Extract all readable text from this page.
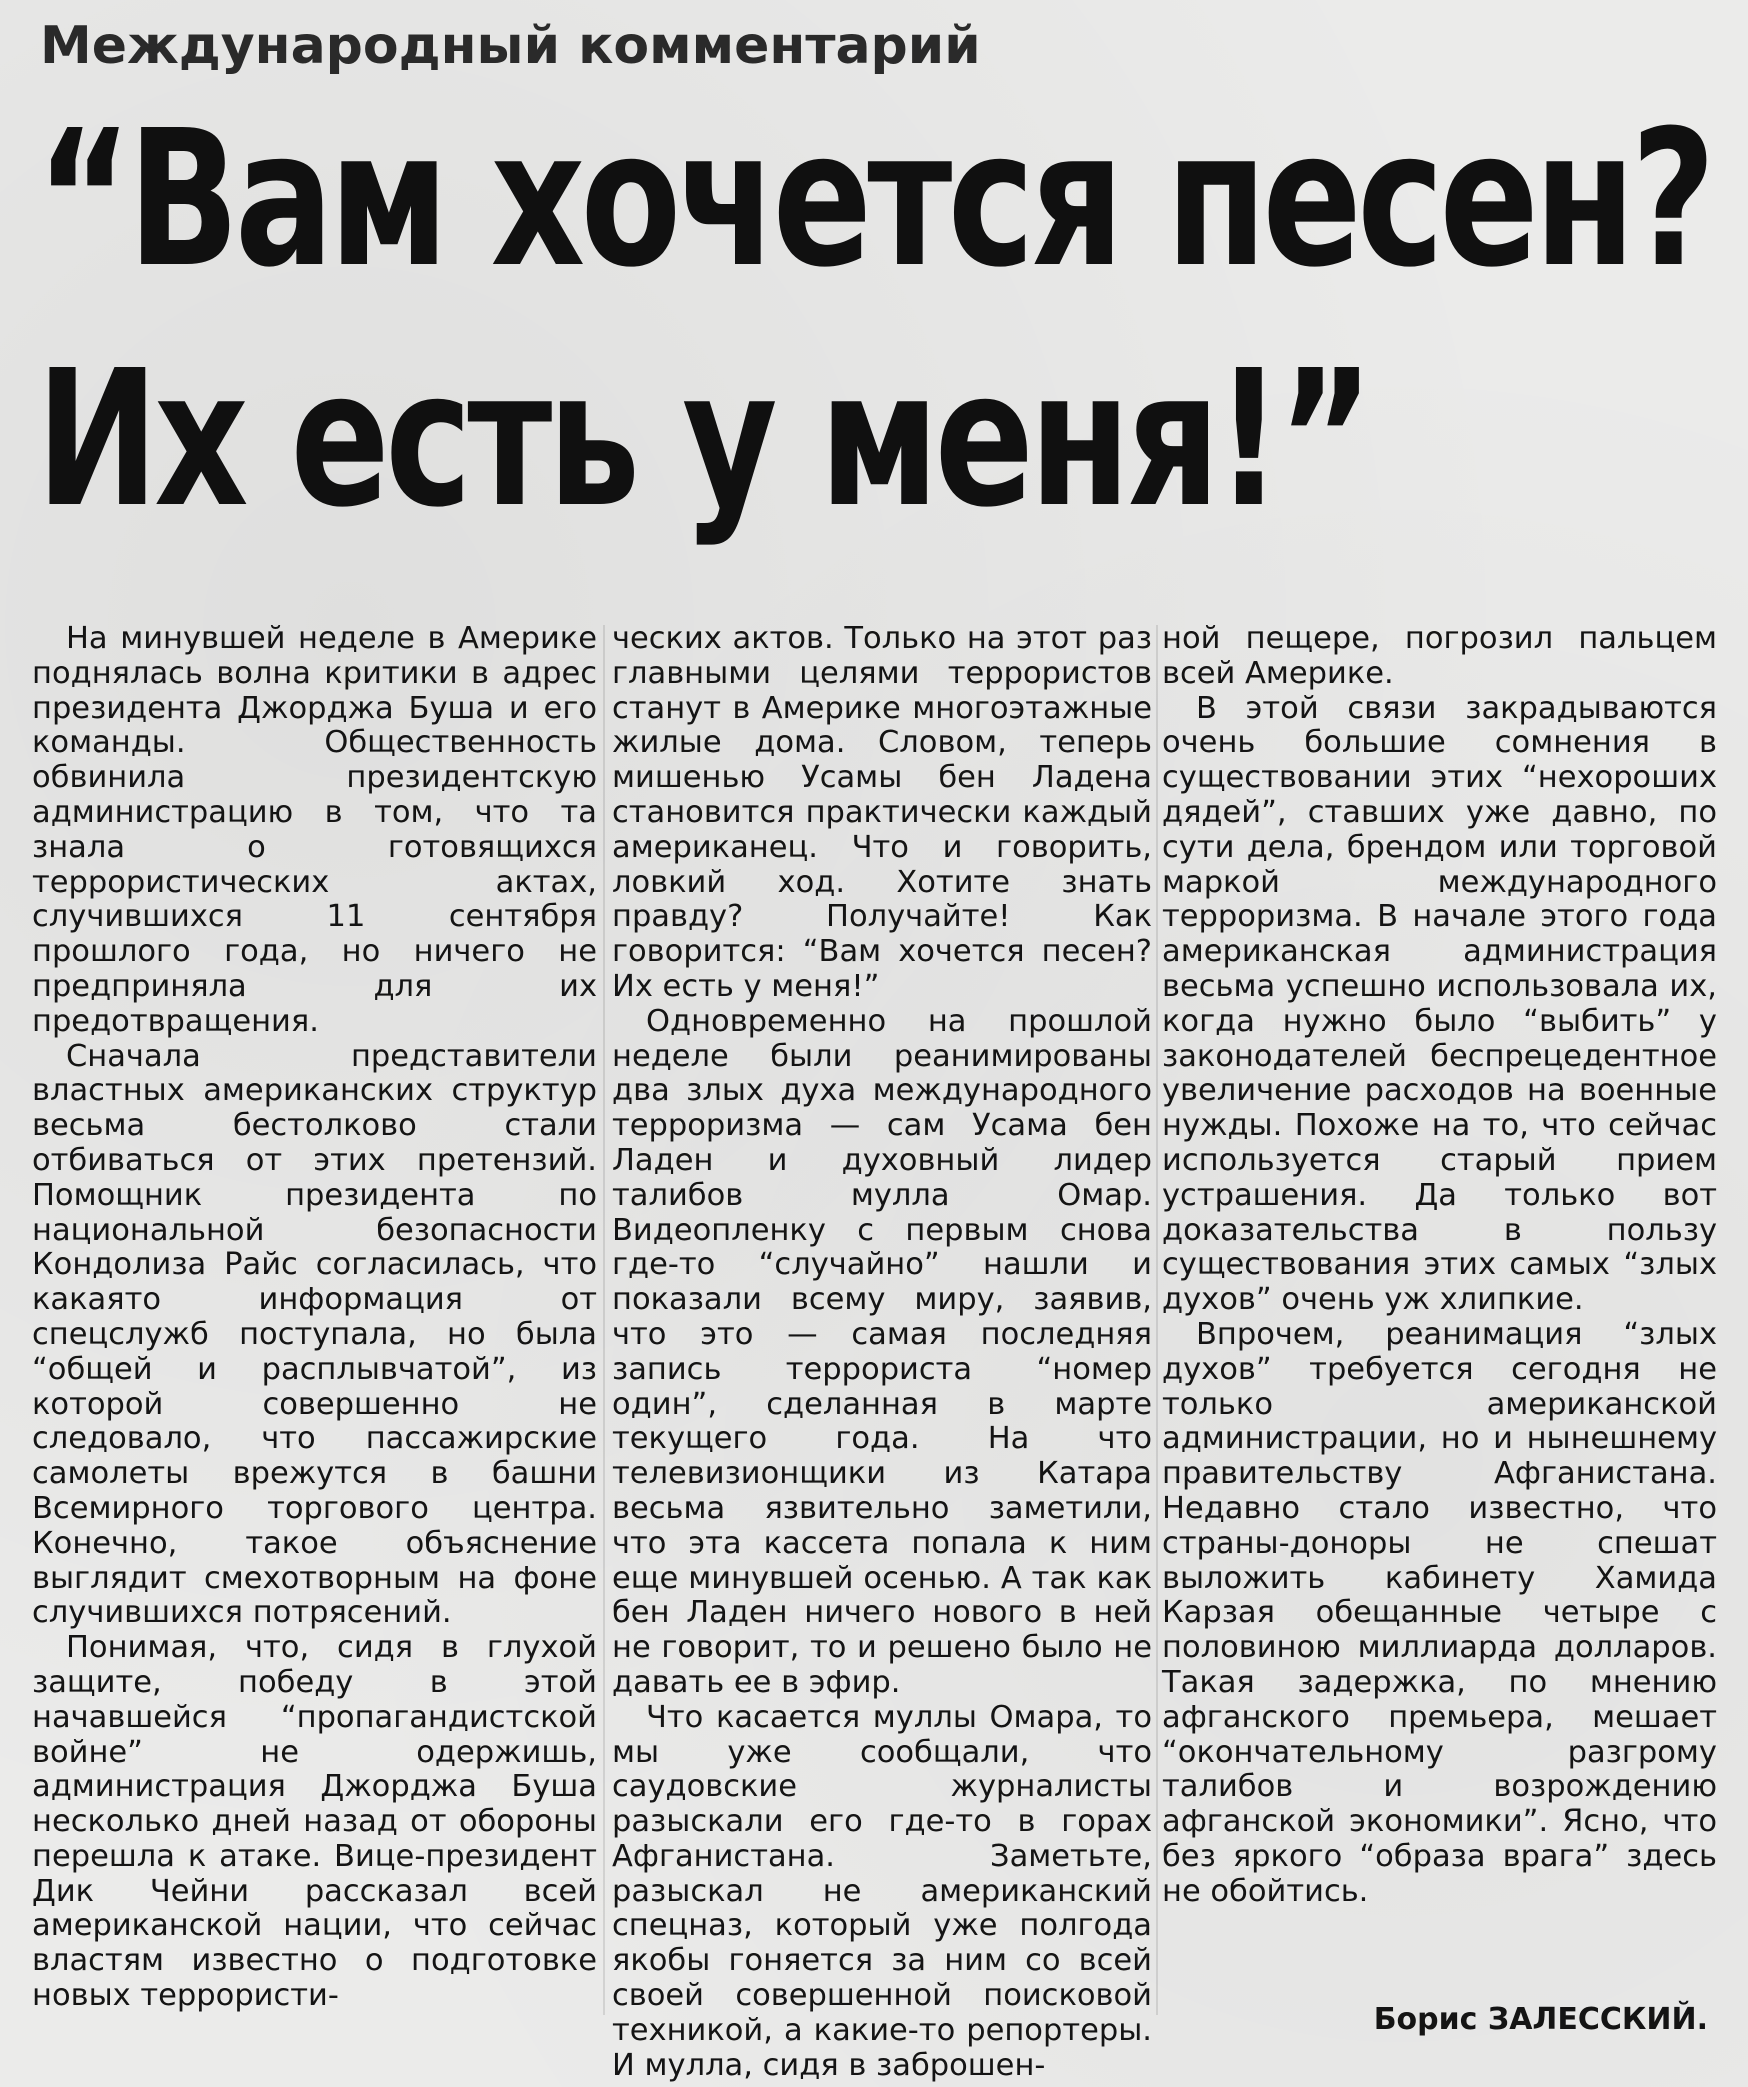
Международный комментарий
“Вам хочется песен?
Их есть у меня!”

На минувшей неделе в Америке поднялась волна критики в адрес президента Джорджа Буша и его команды. Общественность обвинила президентскую администрацию в том, что та знала о готовящихся террористических актах, случившихся 11 сентября прошлого года, но ничего не предприняла для их предотвращения.

Сначала представители властных американских структур весьма бестолково стали отбиваться от этих претензий. Помощник президента по национальной безопасности Кондолиза Райс согласилась, что какаято информация от спецслужб поступала, но была “общей и расплывчатой”, из которой совершенно не следовало, что пассажирские самолеты врежутся в башни Всемирного торгового центра. Конечно, такое объяснение выглядит смехотворным на фоне случившихся потрясений.

Понимая, что, сидя в глухой защите, победу в этой начавшейся “пропагандистской войне” не одержишь, администрация Джорджа Буша несколько дней назад от обороны перешла к атаке. Вице-президент Дик Чейни рассказал всей американской нации, что сейчас властям известно о подготовке новых террористи-

ческих актов. Только на этот раз главными целями террористов станут в Америке многоэтажные жилые дома. Словом, теперь мишенью Усамы бен Ладена становится практически каждый американец. Что и говорить, ловкий ход. Хотите знать правду? Получайте! Как говорится: “Вам хочется песен? Их есть у меня!”

Одновременно на прошлой неделе были реанимированы два злых духа международного терроризма — сам Усама бен Ладен и духовный лидер талибов мулла Омар. Видеопленку с первым снова где-то “случайно” нашли и показали всему миру, заявив, что это — самая последняя запись террориста “номер один”, сделанная в марте текущего года. На что телевизионщики из Катара весьма язвительно заметили, что эта кассета попала к ним еще минувшей осенью. А так как бен Ладен ничего нового в ней не говорит, то и решено было не давать ее в эфир.

Что касается муллы Омара, то мы уже сообщали, что саудовские журналисты разыскали его где-то в горах Афганистана. Заметьте, разыскал не американский спецназ, который уже полгода якобы гоняется за ним со всей своей совершенной поисковой техникой, а какие-то репортеры. И мулла, сидя в заброшен-

ной пещере, погрозил пальцем всей Америке.

В этой связи закрадываются очень большие сомнения в существовании этих “нехороших дядей”, ставших уже давно, по сути дела, брендом или торговой маркой международного терроризма. В начале этого года американская администрация весьма успешно использовала их, когда нужно было “выбить” у законодателей беспрецедентное увеличение расходов на военные нужды. Похоже на то, что сейчас используется старый прием устрашения. Да только вот доказательства в пользу существования этих самых “злых духов” очень уж хлипкие.

Впрочем, реанимация “злых духов” требуется сегодня не только американской администрации, но и нынешнему правительству Афганистана. Недавно стало известно, что страны-доноры не спешат выложить кабинету Хамида Карзая обещанные четыре с половиною миллиарда долларов. Такая задержка, по мнению афганского премьера, мешает “окончательному разгрому талибов и возрождению афганской экономики”. Ясно, что без яркого “образа врага” здесь не обойтись.

Борис ЗАЛЕССКИЙ.
